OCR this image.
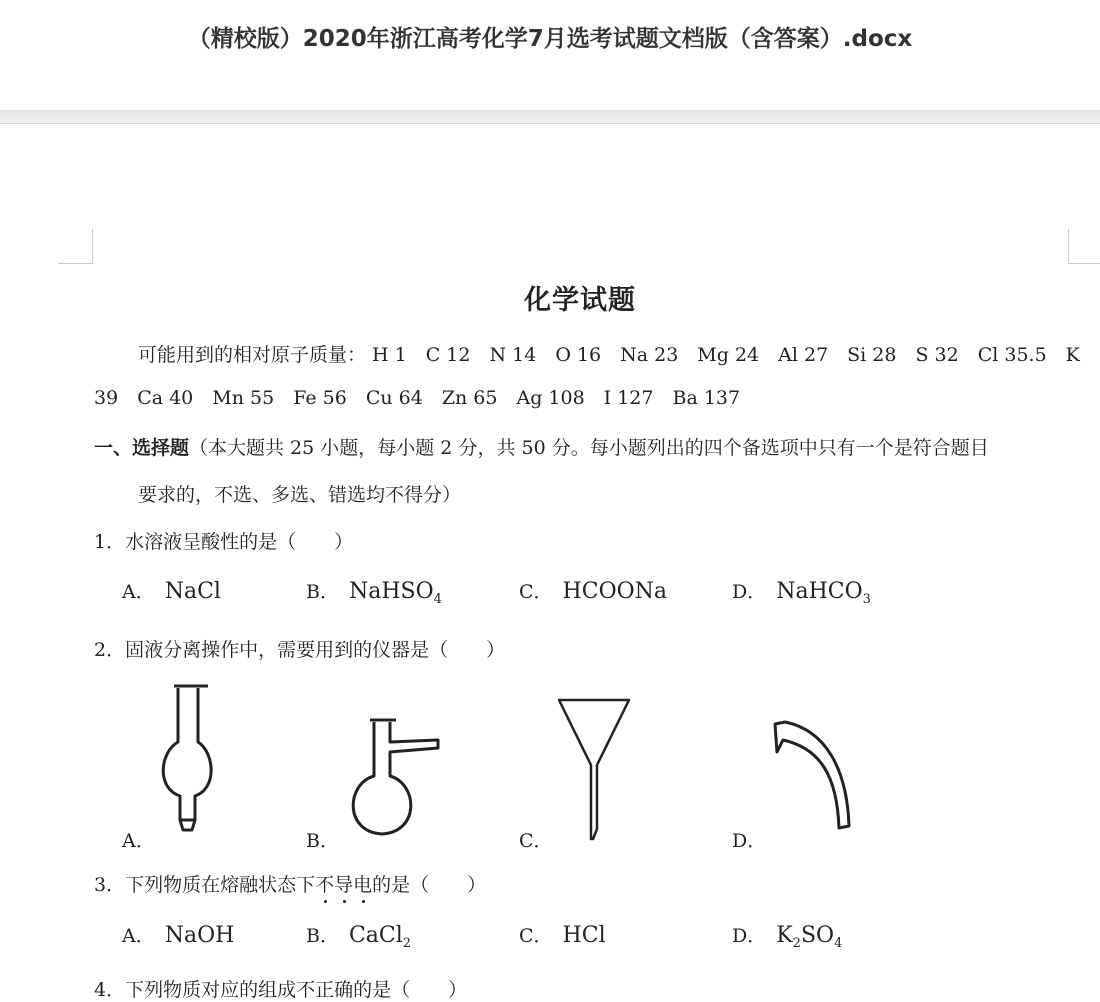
（精校版）2020年浙江高考化学7月选考试题文档版（含答案）.docx
化学试题
可能用到的相对原子质量： H 1 C 12 N 14 O 16 Na 23 Mg 24 Al 27 Si 28 S 32 Cl 35.5 K
39 Ca 40 Mn 55 Fe 56 Cu 64 Zn 65 Ag 108 I 127 Ba 137
一、选择题（本大题共 25 小题，每小题 2 分，共 50 分。每小题列出的四个备选项中只有一个是符合题目
要求的，不选、多选、错选均不得分）
1．水溶液呈酸性的是（　　）
A． NaCl	B． NaHSO$_4$	C． HCOONa	D． NaHCO$_3$
2．固液分离操作中，需要用到的仪器是（　　）
A．	B．	C．	D．
3．下列物质在熔融状态下不导电的是（　　）
A． NaOH	B． CaCl$_2$	C． HCl	D． $K_2SO_4$
4．下列物质对应的组成不正确的是（　　）
